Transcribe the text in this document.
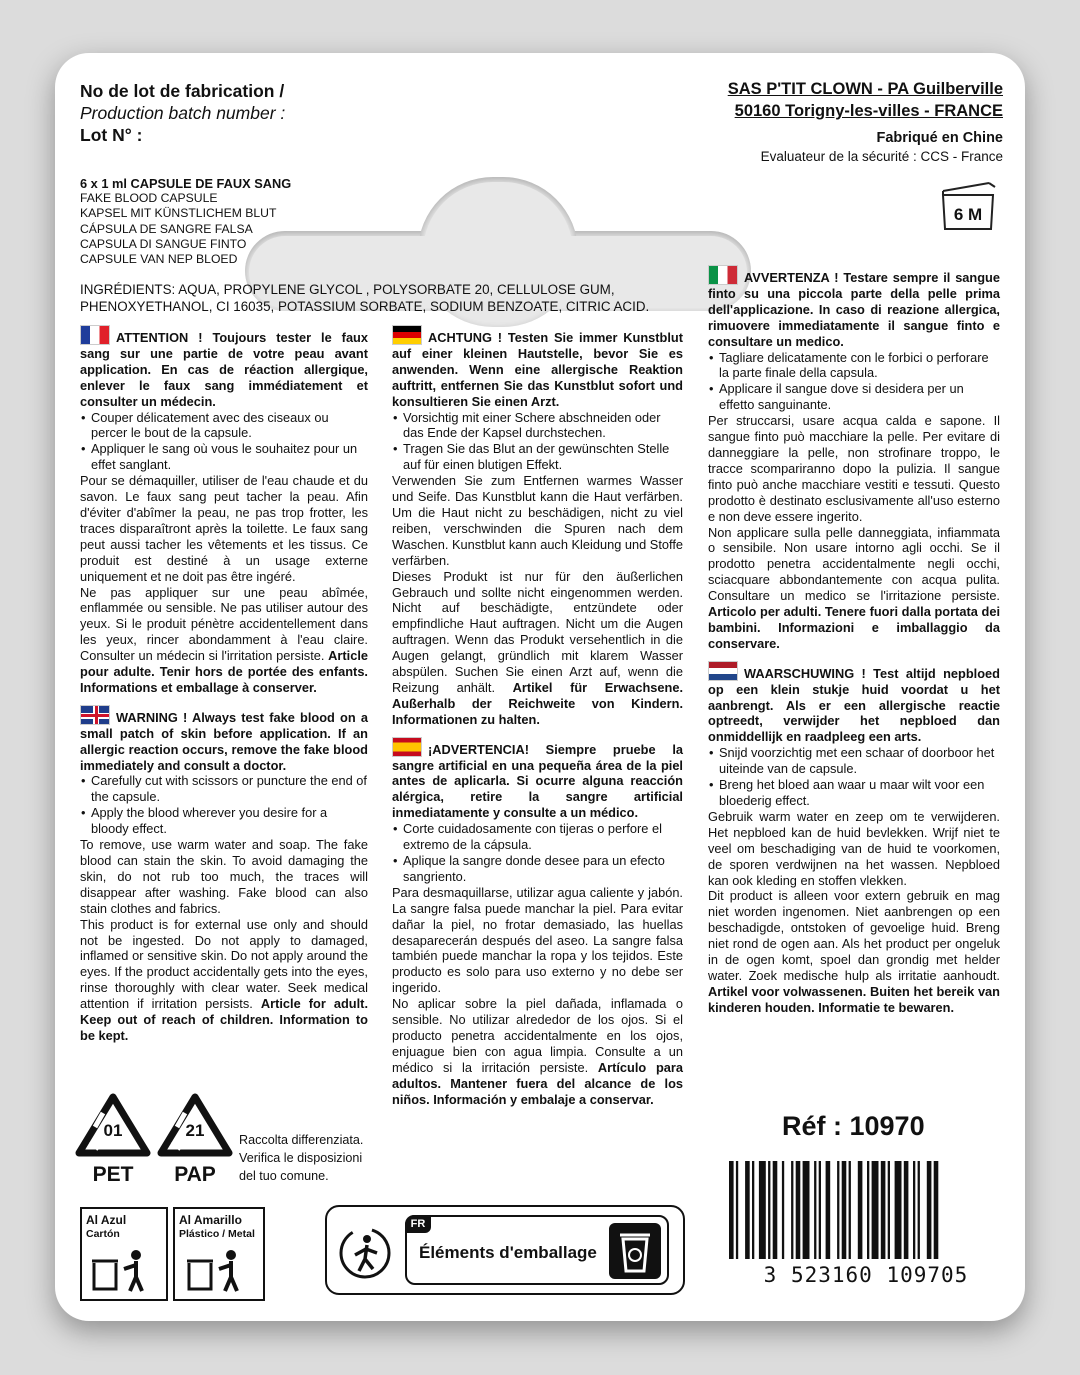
No de lot de fabrication /
Production batch number :
Lot N° :
SAS P'TIT CLOWN - PA Guilberville
50160 Torigny-les-villes - FRANCE
Fabriqué en Chine
Evaluateur de la sécurité : CCS - France
6 M
6 x 1 ml CAPSULE DE FAUX SANG
FAKE BLOOD CAPSULE
KAPSEL MIT KÜNSTLICHEM BLUT
CÁPSULA DE SANGRE FALSA
CAPSULA DI SANGUE FINTO
CAPSULE VAN NEP BLOED
INGRÉDIENTS: AQUA, PROPYLENE GLYCOL , POLYSORBATE 20, CELLULOSE GUM,
PHENOXYETHANOL, CI 16035, POTASSIUM SORBATE, SODIUM BENZOATE, CITRIC ACID.

ATTENTION ! Toujours tester le faux sang sur une partie de votre peau avant application. En cas de réaction allergique, enlever le faux sang immédiatement et consulter un médecin.

• Couper délicatement avec des ciseaux ou percer le bout de la capsule.
• Appliquer le sang où vous le souhaitez pour un effet sanglant.

Pour se démaquiller, utiliser de l'eau chaude et du savon. Le faux sang peut tacher la peau. Afin d'éviter d'abîmer la peau, ne pas trop frotter, les traces disparaîtront après la toilette. Le faux sang peut aussi tacher les vêtements et les tissus. Ce produit est destiné à un usage externe uniquement et ne doit pas être ingéré.

Ne pas appliquer sur une peau abîmée, enflammée ou sensible. Ne pas utiliser autour des yeux. Si le produit pénètre accidentellement dans les yeux, rincer abondamment à l'eau claire. Consulter un médecin si l'irritation persiste. Article pour adulte. Tenir hors de portée des enfants. Informations et emballage à conserver.

WARNING ! Always test fake blood on a small patch of skin before application. If an allergic reaction occurs, remove the fake blood immediately and consult a doctor.

• Carefully cut with scissors or puncture the end of the capsule.
• Apply the blood wherever you desire for a bloody effect.

To remove, use warm water and soap. The fake blood can stain the skin. To avoid damaging the skin, do not rub too much, the traces will disappear after washing. Fake blood can also stain clothes and fabrics.

This product is for external use only and should not be ingested. Do not apply to damaged, inflamed or sensitive skin. Do not apply around the eyes. If the product accidentally gets into the eyes, rinse thoroughly with clear water. Seek medical attention if irritation persists. Article for adult. Keep out of reach of children. Information to be kept.

ACHTUNG ! Testen Sie immer Kunstblut auf einer kleinen Hautstelle, bevor Sie es anwenden. Wenn eine allergische Reaktion auftritt, entfernen Sie das Kunstblut sofort und konsultieren Sie einen Arzt.

• Vorsichtig mit einer Schere abschneiden oder das Ende der Kapsel durchstechen.
• Tragen Sie das Blut an der gewünschten Stelle auf für einen blutigen Effekt.

Verwenden Sie zum Entfernen warmes Wasser und Seife. Das Kunstblut kann die Haut verfärben. Um die Haut nicht zu beschädigen, nicht zu viel reiben, verschwinden die Spuren nach dem Waschen. Kunstblut kann auch Kleidung und Stoffe verfärben.

Dieses Produkt ist nur für den äußerlichen Gebrauch und sollte nicht eingenommen werden. Nicht auf beschädigte, entzündete oder empfindliche Haut auftragen. Nicht um die Augen auftragen. Wenn das Produkt versehentlich in die Augen gelangt, gründlich mit klarem Wasser abspülen. Suchen Sie einen Arzt auf, wenn die Reizung anhält. Artikel für Erwachsene. Außerhalb der Reichweite von Kindern. Informationen zu halten.

¡ADVERTENCIA! Siempre pruebe la sangre artificial en una pequeña área de la piel antes de aplicarla. Si ocurre alguna reacción alérgica, retire la sangre artificial inmediatamente y consulte a un médico.

• Corte cuidadosamente con tijeras o perfore el extremo de la cápsula.
• Aplique la sangre donde desee para un efecto sangriento.

Para desmaquillarse, utilizar agua caliente y jabón. La sangre falsa puede manchar la piel. Para evitar dañar la piel, no frotar demasiado, las huellas desaparecerán después del aseo. La sangre falsa también puede manchar la ropa y los tejidos. Este producto es solo para uso externo y no debe ser ingerido.

No aplicar sobre la piel dañada, inflamada o sensible. No utilizar alrededor de los ojos. Si el producto penetra accidentalmente en los ojos, enjuague bien con agua limpia. Consulte a un médico si la irritación persiste. Artículo para adultos. Mantener fuera del alcance de los niños. Información y embalaje a conservar.

AVVERTENZA ! Testare sempre il sangue finto su una piccola parte della pelle prima dell'applicazione. In caso di reazione allergica, rimuovere immediatamente il sangue finto e consultare un medico.

• Tagliare delicatamente con le forbici o perforare la parte finale della capsula.
• Applicare il sangue dove si desidera per un effetto sanguinante.

Per struccarsi, usare acqua calda e sapone. Il sangue finto può macchiare la pelle. Per evitare di danneggiare la pelle, non strofinare troppo, le tracce scompariranno dopo la pulizia. Il sangue finto può anche macchiare vestiti e tessuti. Questo prodotto è destinato esclusivamente all'uso esterno e non deve essere ingerito.

Non applicare sulla pelle danneggiata, infiammata o sensibile. Non usare intorno agli occhi. Se il prodotto penetra accidentalmente negli occhi, sciacquare abbondantemente con acqua pulita. Consultare un medico se l'irritazione persiste. Articolo per adulti. Tenere fuori dalla portata dei bambini. Informazioni e imballaggio da conservare.

WAARSCHUWING ! Test altijd nepbloed op een klein stukje huid voordat u het aanbrengt. Als er een allergische reactie optreedt, verwijder het nepbloed dan onmiddellijk en raadpleeg een arts.

• Snijd voorzichtig met een schaar of doorboor het uiteinde van de capsule.
• Breng het bloed aan waar u maar wilt voor een bloederig effect.

Gebruik warm water en zeep om te verwijderen. Het nepbloed kan de huid bevlekken. Wrijf niet te veel om beschadiging van de huid te voorkomen, de sporen verdwijnen na het wassen. Nepbloed kan ook kleding en stoffen vlekken.

Dit product is alleen voor extern gebruik en mag niet worden ingenomen. Niet aanbrengen op een beschadigde, ontstoken of gevoelige huid. Breng niet rond de ogen aan. Als het product per ongeluk in de ogen komt, spoel dan grondig met helder water. Zoek medische hulp als irritatie aanhoudt. Artikel voor volwassenen. Buiten het bereik van kinderen houden. Informatie te bewaren.

Réf : 10970
3 523160 109705
01
PET
21
PAP
Raccolta differenziata.
Verifica le disposizioni
del tuo comune.
Al Azul
Cartón
Al Amarillo
Plástico / Metal
FR
Éléments d'emballage
